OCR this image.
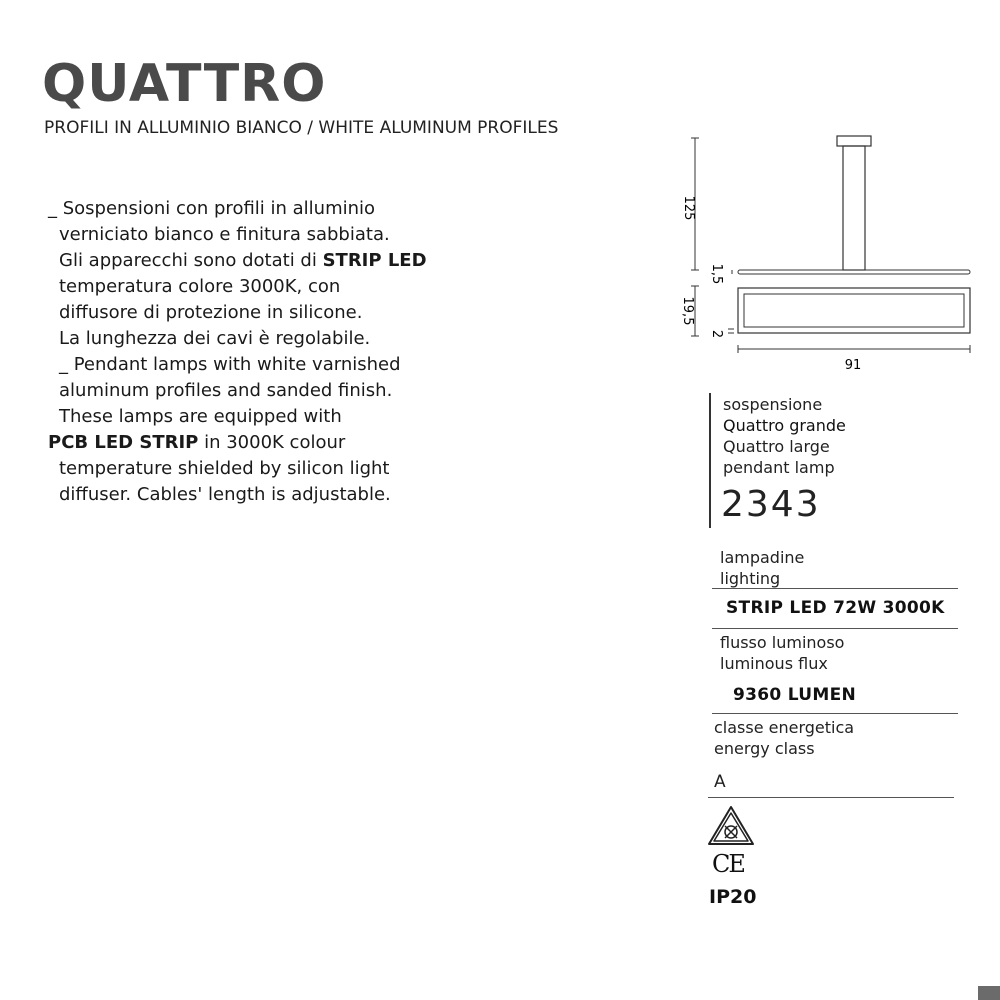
QUATTRO
PROFILI IN ALLUMINIO BIANCO / WHITE ALUMINUM PROFILES

_ Sospensioni con profili in alluminio

verniciato bianco e finitura sabbiata.

Gli apparecchi sono dotati di STRIP LED

temperatura colore 3000K, con

diffusore di protezione in silicone.

La lunghezza dei cavi è regolabile.

_ Pendant lamps with white varnished

aluminum profiles and sanded finish.

These lamps are equipped with

PCB LED STRIP in 3000K colour

temperature shielded by silicon light

diffuser. Cables' length is adjustable.

125
1,5
19,5
2
91
sospensione
Quattro grande
Quattro large
pendant lamp
2343
lampadine
lighting
STRIP LED 72W 3000K
flusso luminoso
luminous flux
9360 LUMEN
classe energetica
energy class
A
CE
IP20
